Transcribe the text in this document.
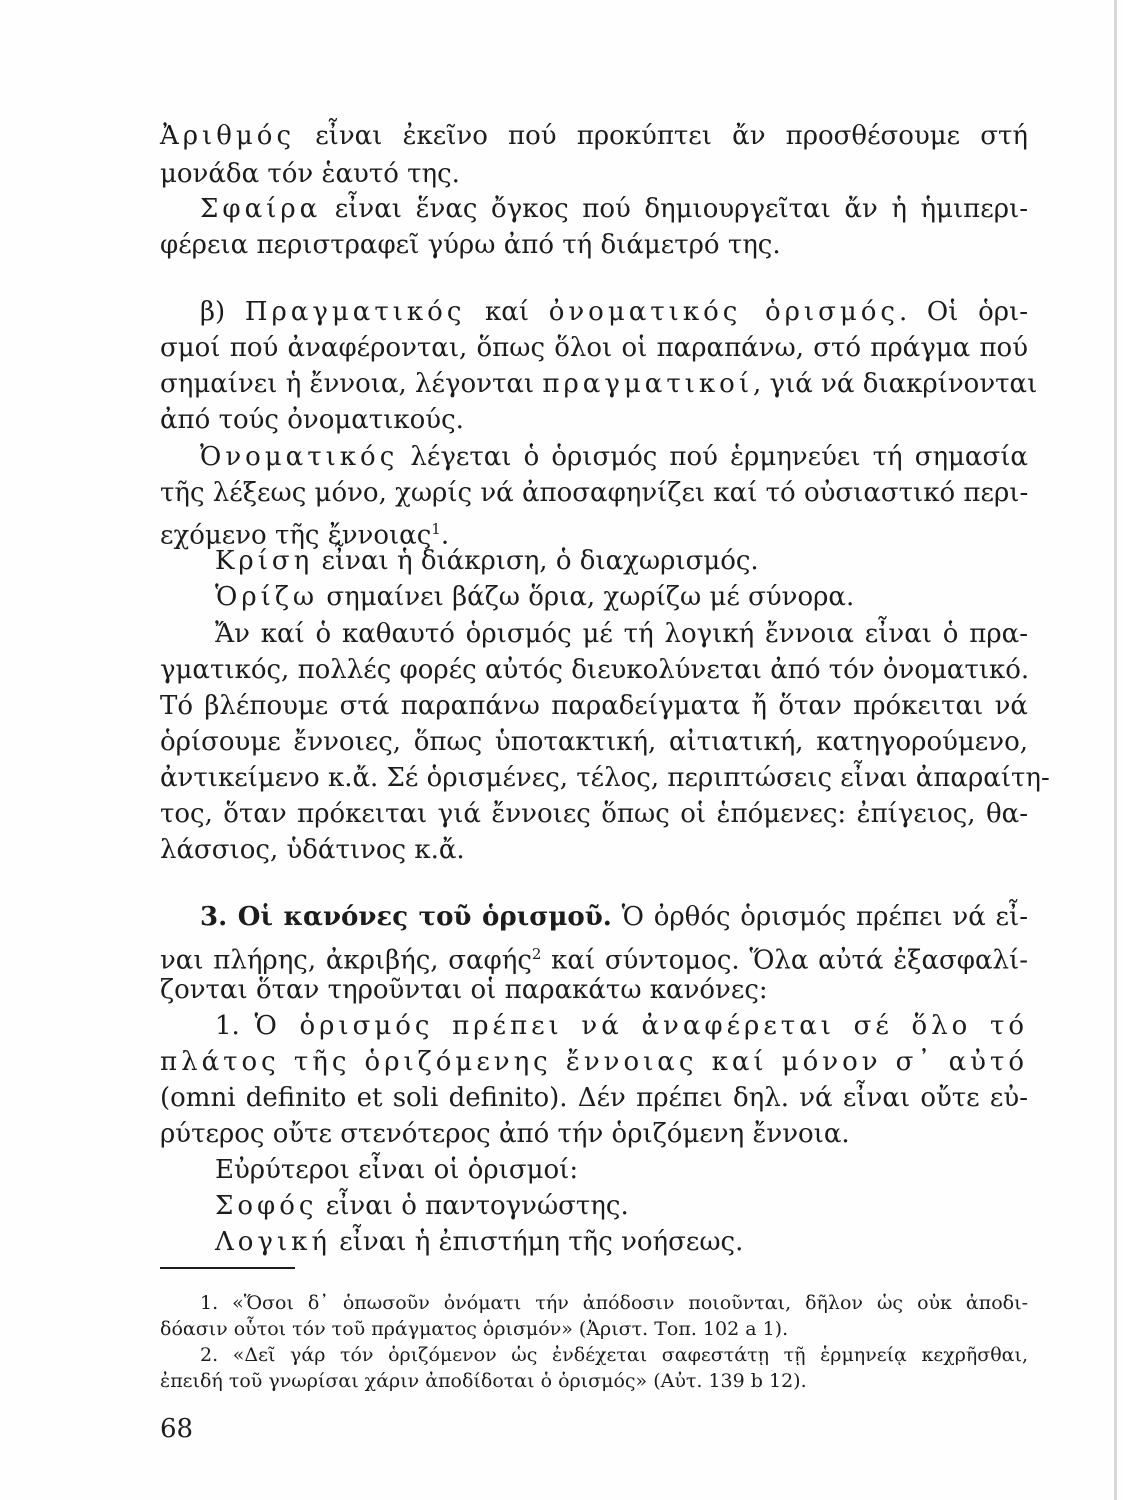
Ἀριθμός εἶναι ἐκεῖνο πού προκύπτει ἄν προσθέσουμε στή
μονάδα τόν ἑαυτό της.
Σφαίρα εἶναι ἕνας ὄγκος πού δημιουργεῖται ἄν ἡ ἡμιπερι-
φέρεια περιστραφεῖ γύρω ἀπό τή διάμετρό της.
β) Πραγματικός καί ὀνοματικός ὁρισμός. Οἱ ὁρι-
σμοί πού ἀναφέρονται, ὅπως ὅλοι οἱ παραπάνω, στό πράγμα πού
σημαίνει ἡ ἔννοια, λέγονται πραγματικοί, γιά νά διακρίνονται
ἀπό τούς ὀνοματικούς.
Ὀνοματικός λέγεται ὁ ὁρισμός πού ἑρμηνεύει τή σημασία
τῆς λέξεως μόνο, χωρίς νά ἀποσαφηνίζει καί τό οὐσιαστικό περι-
εχόμενο τῆς ἔννοιας$^1$.
Κρίση εἶναι ἡ διάκριση, ὁ διαχωρισμός.
Ὁρίζω σημαίνει βάζω ὅρια, χωρίζω μέ σύνορα.
Ἄν καί ὁ καθαυτό ὁρισμός μέ τή λογική ἔννοια εἶναι ὁ πρα-
γματικός, πολλές φορές αὐτός διευκολύνεται ἀπό τόν ὀνοματικό.
Τό βλέπουμε στά παραπάνω παραδείγματα ἤ ὅταν πρόκειται νά
ὁρίσουμε ἔννοιες, ὅπως ὑποτακτική, αἰτιατική, κατηγορούμενο,
ἀντικείμενο κ.ἄ. Σέ ὁρισμένες, τέλος, περιπτώσεις εἶναι ἀπαραίτη-
τος, ὅταν πρόκειται γιά ἔννοιες ὅπως οἱ ἑπόμενες: ἐπίγειος, θα-
λάσσιος, ὑδάτινος κ.ἄ.
3. Οἱ κανόνες τοῦ ὁρισμοῦ. Ὁ ὀρθός ὁρισμός πρέπει νά εἶ-
ναι πλήρης, ἀκριβής, σαφής$^2$ καί σύντομος. Ὅλα αὐτά ἐξασφαλί-
ζονται ὅταν τηροῦνται οἱ παρακάτω κανόνες:
1. Ὁ ὁρισμός πρέπει νά ἀναφέρεται σέ ὅλο τό
πλάτος τῆς ὁριζόμενης ἔννοιας καί μόνον σ᾿ αὐτό
(omni definito et soli definito). Δέν πρέπει δηλ. νά εἶναι οὔτε εὐ-
ρύτερος οὔτε στενότερος ἀπό τήν ὁριζόμενη ἔννοια.
Εὐρύτεροι εἶναι οἱ ὁρισμοί:
Σοφός εἶναι ὁ παντογνώστης.
Λογική εἶναι ἡ ἐπιστήμη τῆς νοήσεως.
1. «Ὅσοι δ᾿ ὁπωσοῦν ὀνόματι τήν ἀπόδοσιν ποιοῦνται, δῆλον ὡς οὐκ ἀποδι-
δόασιν οὗτοι τόν τοῦ πράγματος ὁρισμόν» (Ἀριστ. Τοπ. 102 a 1).
2. «Δεῖ γάρ τόν ὁριζόμενον ὡς ἐνδέχεται σαφεστάτῃ τῇ ἑρμηνείᾳ κεχρῆσθαι,
ἐπειδή τοῦ γνωρίσαι χάριν ἀποδίδοται ὁ ὁρισμός» (Αὐτ. 139 b 12).
68
